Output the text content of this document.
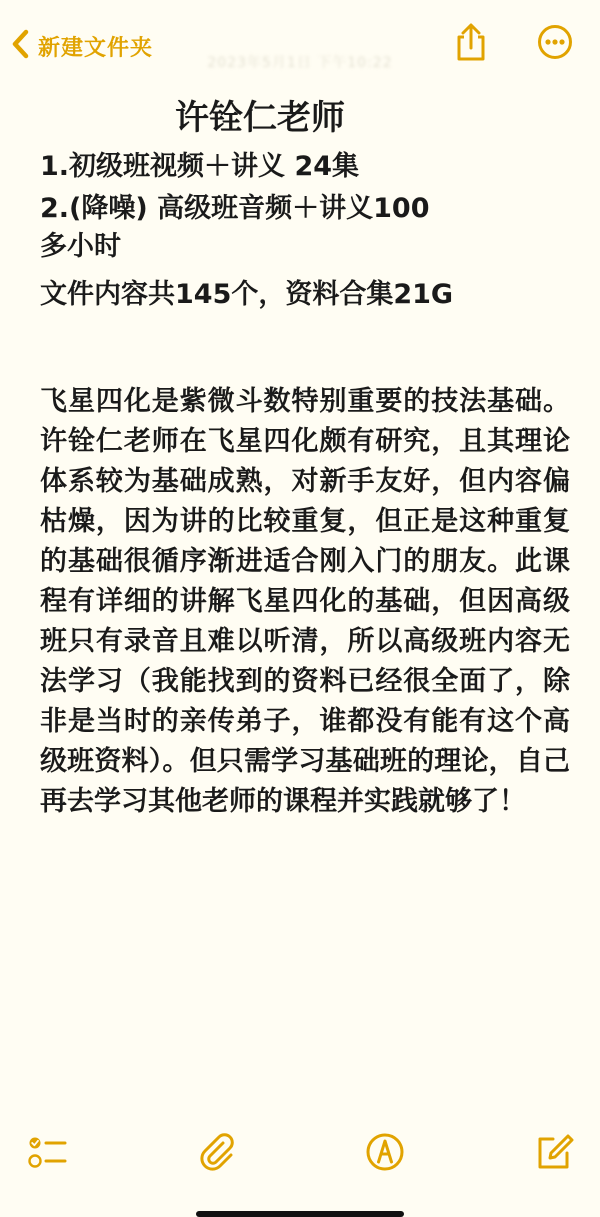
新建文件夹
2023年5月1日 下午10:22
许铨仁老师
1.初级班视频＋讲义 24集
2.(降噪) 高级班音频＋讲义100
多小时
文件内容共145个，资料合集21G
飞星四化是紫微斗数特别重要的技法基础。许铨仁老师在飞星四化颇有研究，且其理论体系较为基础成熟，对新手友好，但内容偏枯燥，因为讲的比较重复，但正是这种重复的基础很循序渐进适合刚入门的朋友。此课程有详细的讲解飞星四化的基础，但因高级班只有录音且难以听清，所以高级班内容无法学习（我能找到的资料已经很全面了，除非是当时的亲传弟子，谁都没有能有这个高级班资料）。但只需学习基础班的理论，自己再去学习其他老师的课程并实践就够了！
